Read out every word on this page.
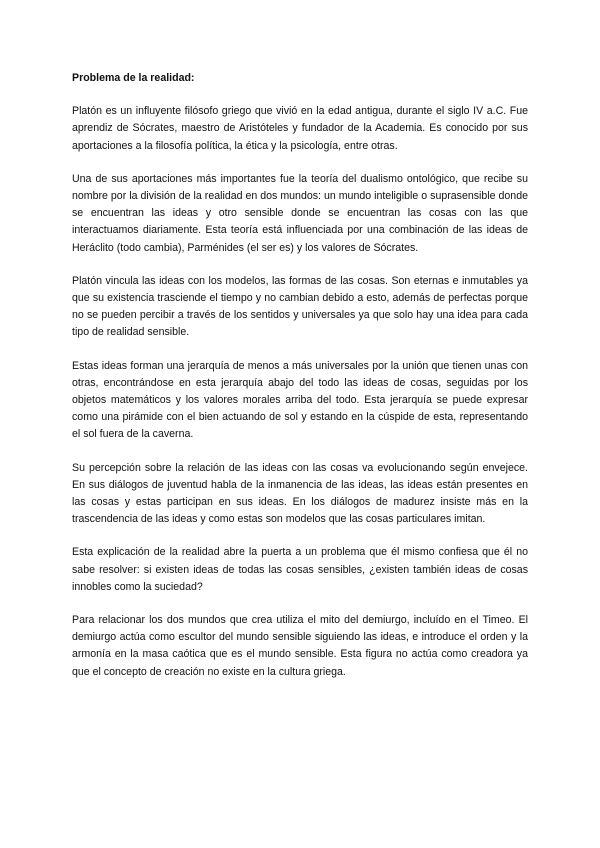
Problema de la realidad:

Platón es un influyente filósofo griego que vivió en la edad antigua, durante el siglo IV a.C. Fue aprendiz de Sócrates, maestro de Aristóteles y fundador de la Academia. Es conocido por sus aportaciones a la filosofía política, la ética y la psicología, entre otras.

Una de sus aportaciones más importantes fue la teoría del dualismo ontológico, que recibe su nombre por la división de la realidad en dos mundos: un mundo inteligible o suprasensible donde se encuentran las ideas y otro sensible donde se encuentran las cosas con las que interactuamos diariamente. Esta teoría está influenciada por una combinación de las ideas de Heráclito (todo cambia), Parménides (el ser es) y los valores de Sócrates.

Platón vincula las ideas con los modelos, las formas de las cosas. Son eternas e inmutables ya que su existencia trasciende el tiempo y no cambian debido a esto, además de perfectas porque no se pueden percibir a través de los sentidos y universales ya que solo hay una idea para cada tipo de realidad sensible.

Estas ideas forman una jerarquía de menos a más universales por la unión que tienen unas con otras, encontrándose en esta jerarquía abajo del todo las ideas de cosas, seguidas por los objetos matemáticos y los valores morales arriba del todo. Esta jerarquía se puede expresar como una pirámide con el bien actuando de sol y estando en la cúspide de esta, representando el sol fuera de la caverna.

Su percepción sobre la relación de las ideas con las cosas va evolucionando según envejece. En sus diálogos de juventud habla de la inmanencia de las ideas, las ideas están presentes en las cosas y estas participan en sus ideas. En los diálogos de madurez insiste más en la trascendencia de las ideas y como estas son modelos que las cosas particulares imitan.

Esta explicación de la realidad abre la puerta a un problema que él mismo confiesa que él no sabe resolver: si existen ideas de todas las cosas sensibles, ¿existen también ideas de cosas innobles como la suciedad?

Para relacionar los dos mundos que crea utiliza el mito del demiurgo, incluído en el Timeo. El demiurgo actúa como escultor del mundo sensible siguiendo las ideas, e introduce el orden y la armonía en la masa caótica que es el mundo sensible. Esta figura no actúa como creadora ya que el concepto de creación no existe en la cultura griega.
